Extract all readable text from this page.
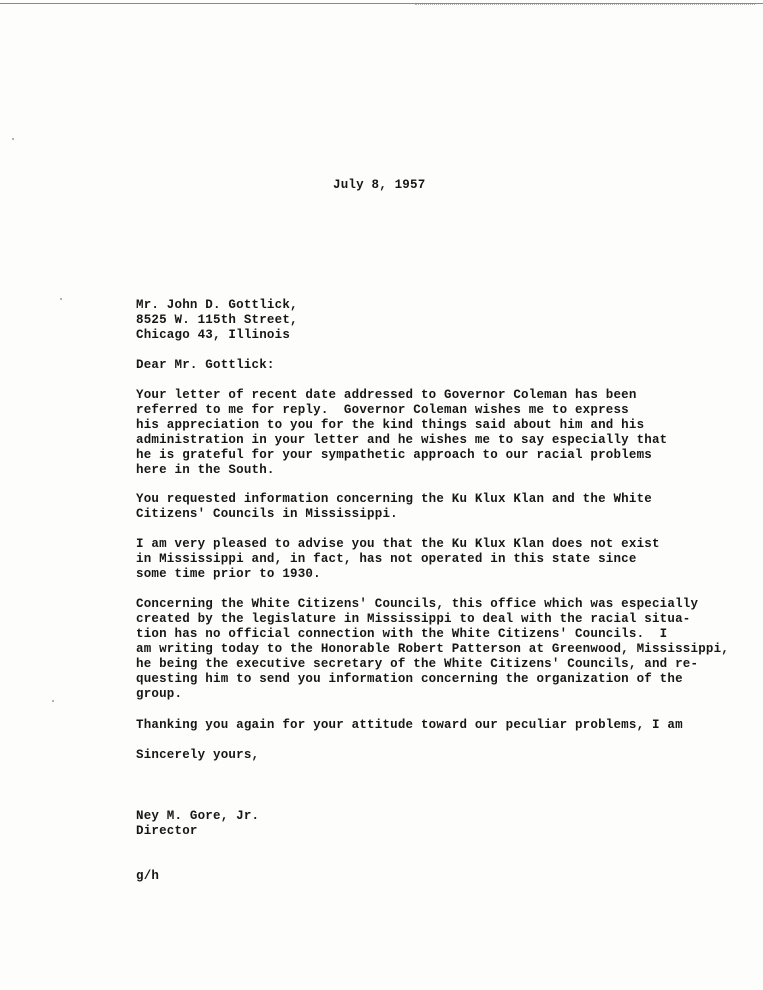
July 8, 1957
Mr. John D. Gottlick,
8525 W. 115th Street,
Chicago 43, Illinois
Dear Mr. Gottlick:
Your letter of recent date addressed to Governor Coleman has been
referred to me for reply.  Governor Coleman wishes me to express
his appreciation to you for the kind things said about him and his
administration in your letter and he wishes me to say especially that
he is grateful for your sympathetic approach to our racial problems
here in the South.
You requested information concerning the Ku Klux Klan and the White
Citizens' Councils in Mississippi.
I am very pleased to advise you that the Ku Klux Klan does not exist
in Mississippi and, in fact, has not operated in this state since
some time prior to 1930.
Concerning the White Citizens' Councils, this office which was especially
created by the legislature in Mississippi to deal with the racial situa-
tion has no official connection with the White Citizens' Councils.  I
am writing today to the Honorable Robert Patterson at Greenwood, Mississippi,
he being the executive secretary of the White Citizens' Councils, and re-
questing him to send you information concerning the organization of the
group.
Thanking you again for your attitude toward our peculiar problems, I am
Sincerely yours,
Ney M. Gore, Jr.
Director
g/h
